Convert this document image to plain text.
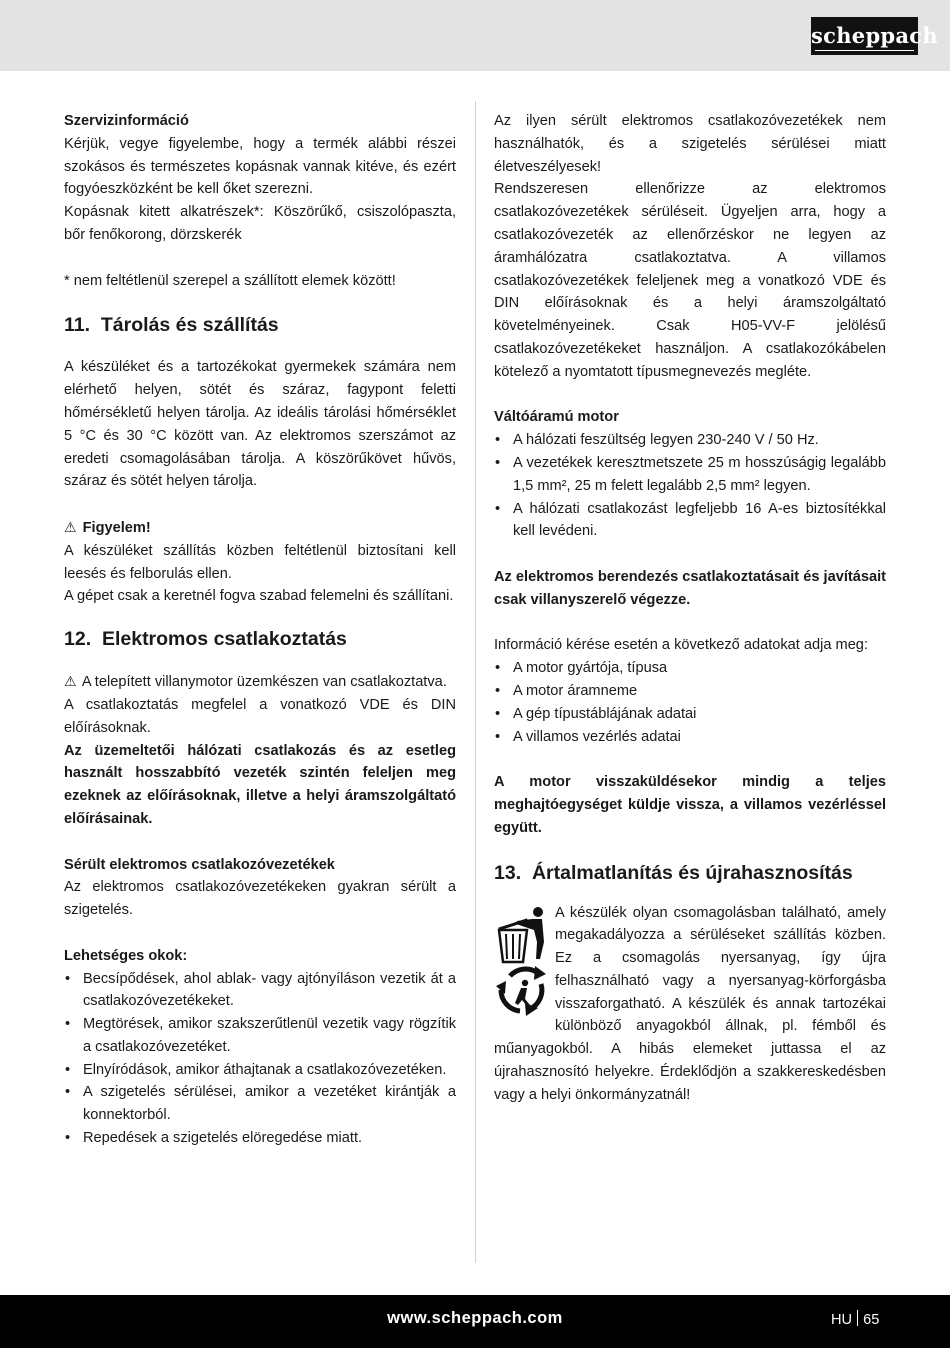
scheppach

Szervizinformáció

Kérjük, vegye figyelembe, hogy a termék alábbi részei szokásos és természetes kopásnak vannak kitéve, és ezért fogyóeszközként be kell őket szerezni.

Kopásnak kitett alkatrészek*: Köszörűkő, csiszolópaszta, bőr fenőkorong, dörzskerék

* nem feltétlenül szerepel a szállított elemek között!

11. Tárolás és szállítás

A készüléket és a tartozékokat gyermekek számára nem elérhető helyen, sötét és száraz, fagypont feletti hőmérsékletű helyen tárolja. Az ideális tárolási hőmérséklet 5 °C és 30 °C között van. Az elektromos szerszámot az eredeti csomagolásában tárolja. A köszörűkövet hűvös, száraz és sötét helyen tárolja.

⚠ Figyelem!

A készüléket szállítás közben feltétlenül biztosítani kell leesés és felborulás ellen.

A gépet csak a keretnél fogva szabad felemelni és szállítani.

12. Elektromos csatlakoztatás

⚠ A telepített villanymotor üzemkészen van csatlakoztatva.

A csatlakoztatás megfelel a vonatkozó VDE és DIN előírásoknak.

Az üzemeltetői hálózati csatlakozás és az esetleg használt hosszabbító vezeték szintén feleljen meg ezeknek az előírásoknak, illetve a helyi áramszolgáltató előírásainak.

Sérült elektromos csatlakozóvezetékek

Az elektromos csatlakozóvezetékeken gyakran sérült a szigetelés.

Lehetséges okok:

• Becsípődések, ahol ablak- vagy ajtónyíláson vezetik át a csatlakozóvezetékeket.
• Megtörések, amikor szakszerűtlenül vezetik vagy rögzítik a csatlakozóvezetéket.
• Elnyíródások, amikor áthajtanak a csatlakozóvezetéken.
• A szigetelés sérülései, amikor a vezetéket kirántják a konnektorból.
• Repedések a szigetelés elöregedése miatt.

Az ilyen sérült elektromos csatlakozóvezetékek nem használhatók, és a szigetelés sérülései miatt életveszélyesek!

Rendszeresen ellenőrizze az elektromos csatlakozóvezetékek sérüléseit. Ügyeljen arra, hogy a csatlakozóvezeték az ellenőrzéskor ne legyen az áramhálózatra csatlakoztatva. A villamos csatlakozóvezetékek feleljenek meg a vonatkozó VDE és DIN előírásoknak és a helyi áramszolgáltató követelményeinek. Csak H05-VV-F jelölésű csatlakozóvezetékeket használjon. A csatlakozókábelen kötelező a nyomtatott típusmegnevezés megléte.

Váltóáramú motor

• A hálózati feszültség legyen 230-240 V / 50 Hz.
• A vezetékek keresztmetszete 25 m hosszúságig legalább 1,5 mm², 25 m felett legalább 2,5 mm² legyen.
• A hálózati csatlakozást legfeljebb 16 A-es biztosítékkal kell levédeni.

Az elektromos berendezés csatlakoztatásait és javításait csak villanyszerelő végezze.

Információ kérése esetén a következő adatokat adja meg:

• A motor gyártója, típusa
• A motor áramneme
• A gép típustáblájának adatai
• A villamos vezérlés adatai

A motor visszaküldésekor mindig a teljes meghajtóegységet küldje vissza, a villamos vezérléssel együtt.

13. Ártalmatlanítás és újrahasznosítás

A készülék olyan csomagolásban található, amely megakadályozza a sérüléseket szállítás közben. Ez a csomagolás nyersanyag, így újra felhasználható vagy a nyersanyag-körforgásba visszaforgatható. A készülék és annak tartozékai különböző anyagokból állnak, pl. fémből és műanyagokból. A hibás elemeket juttassa el az újrahasznosító helyekre. Érdeklődjön a szakkereskedésben vagy a helyi önkormányzatnál!

www.scheppach.com	HU 65
